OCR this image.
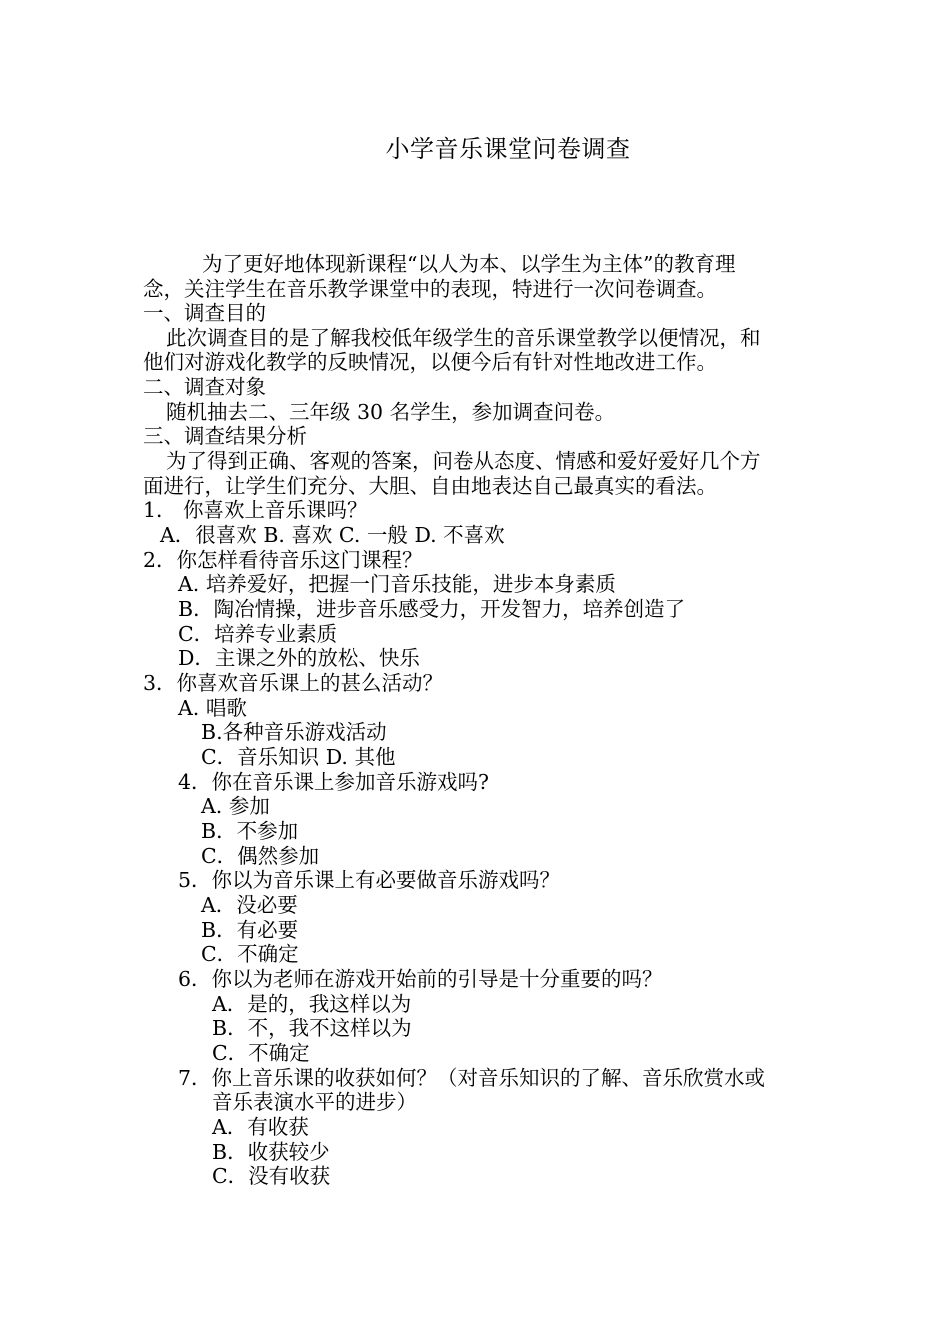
小学音乐课堂问卷调查
为了更好地体现新课程“以人为本、以学生为主体”的教育理
念，关注学生在音乐教学课堂中的表现，特进行一次问卷调查。
一、调查目的
此次调查目的是了解我校低年级学生的音乐课堂教学以便情况，和
他们对游戏化教学的反映情况，以便今后有针对性地改进工作。
二、调查对象
随机抽去二、三年级 30 名学生，参加调查问卷。
三、调查结果分析
为了得到正确、客观的答案，问卷从态度、情感和爱好爱好几个方
面进行，让学生们充分、大胆、自由地表达自己最真实的看法。
1． 你喜欢上音乐课吗？
A．很喜欢 B. 喜欢 C. 一般 D. 不喜欢
2．你怎样看待音乐这门课程？
A. 培养爱好，把握一门音乐技能，进步本身素质
B．陶冶情操，进步音乐感受力，开发智力，培养创造了
C．培养专业素质
D．主课之外的放松、快乐
3．你喜欢音乐课上的甚么活动？
A. 唱歌
B.各种音乐游戏活动
C．音乐知识 D. 其他
4．你在音乐课上参加音乐游戏吗?
A. 参加
B．不参加
C．偶然参加
5．你以为音乐课上有必要做音乐游戏吗？
A．没必要
B．有必要
C．不确定
6．你以为老师在游戏开始前的引导是十分重要的吗？
A．是的，我这样以为
B．不，我不这样以为
C．不确定
7．你上音乐课的收获如何？（对音乐知识的了解、音乐欣赏水或
音乐表演水平的进步）
A．有收获
B．收获较少
C．没有收获
